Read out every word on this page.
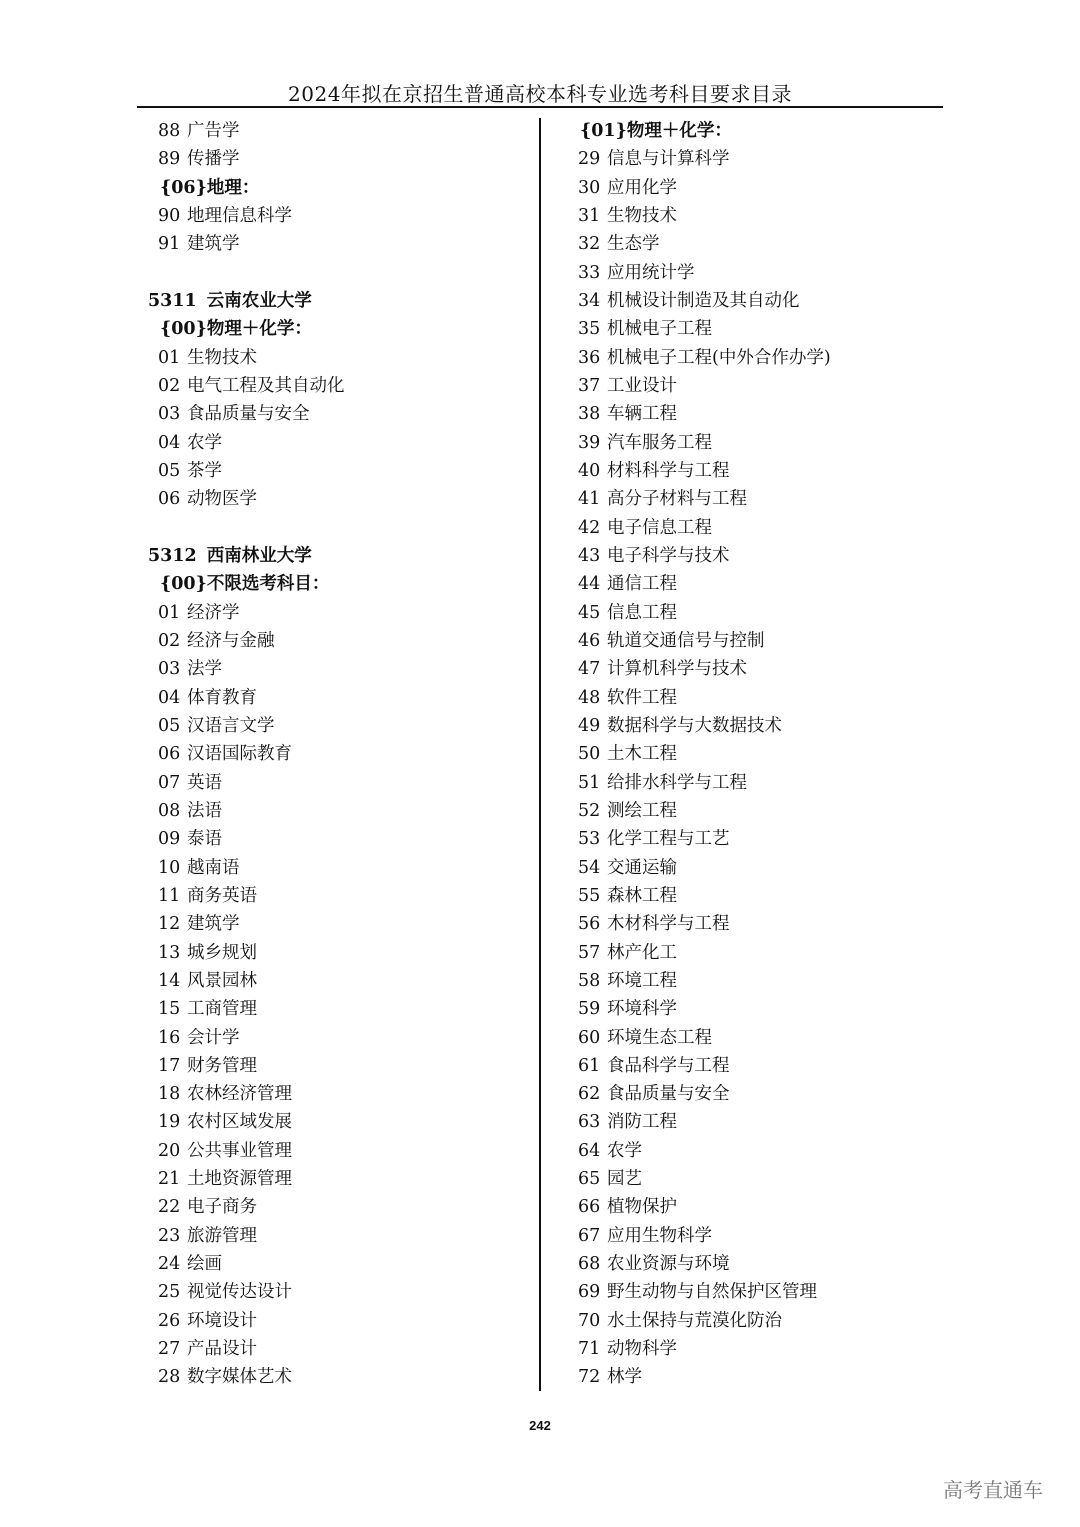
2024年拟在京招生普通高校本科专业选考科目要求目录
88 广告学
89 传播学
{06}地理：
90 地理信息科学
91 建筑学
5311 云南农业大学
{00}物理＋化学：
01 生物技术
02 电气工程及其自动化
03 食品质量与安全
04 农学
05 茶学
06 动物医学
5312 西南林业大学
{00}不限选考科目：
01 经济学
02 经济与金融
03 法学
04 体育教育
05 汉语言文学
06 汉语国际教育
07 英语
08 法语
09 泰语
10 越南语
11 商务英语
12 建筑学
13 城乡规划
14 风景园林
15 工商管理
16 会计学
17 财务管理
18 农林经济管理
19 农村区域发展
20 公共事业管理
21 土地资源管理
22 电子商务
23 旅游管理
24 绘画
25 视觉传达设计
26 环境设计
27 产品设计
28 数字媒体艺术
{01}物理＋化学：
29 信息与计算科学
30 应用化学
31 生物技术
32 生态学
33 应用统计学
34 机械设计制造及其自动化
35 机械电子工程
36 机械电子工程(中外合作办学)
37 工业设计
38 车辆工程
39 汽车服务工程
40 材料科学与工程
41 高分子材料与工程
42 电子信息工程
43 电子科学与技术
44 通信工程
45 信息工程
46 轨道交通信号与控制
47 计算机科学与技术
48 软件工程
49 数据科学与大数据技术
50 土木工程
51 给排水科学与工程
52 测绘工程
53 化学工程与工艺
54 交通运输
55 森林工程
56 木材科学与工程
57 林产化工
58 环境工程
59 环境科学
60 环境生态工程
61 食品科学与工程
62 食品质量与安全
63 消防工程
64 农学
65 园艺
66 植物保护
67 应用生物科学
68 农业资源与环境
69 野生动物与自然保护区管理
70 水土保持与荒漠化防治
71 动物科学
72 林学
242
高考直通车
